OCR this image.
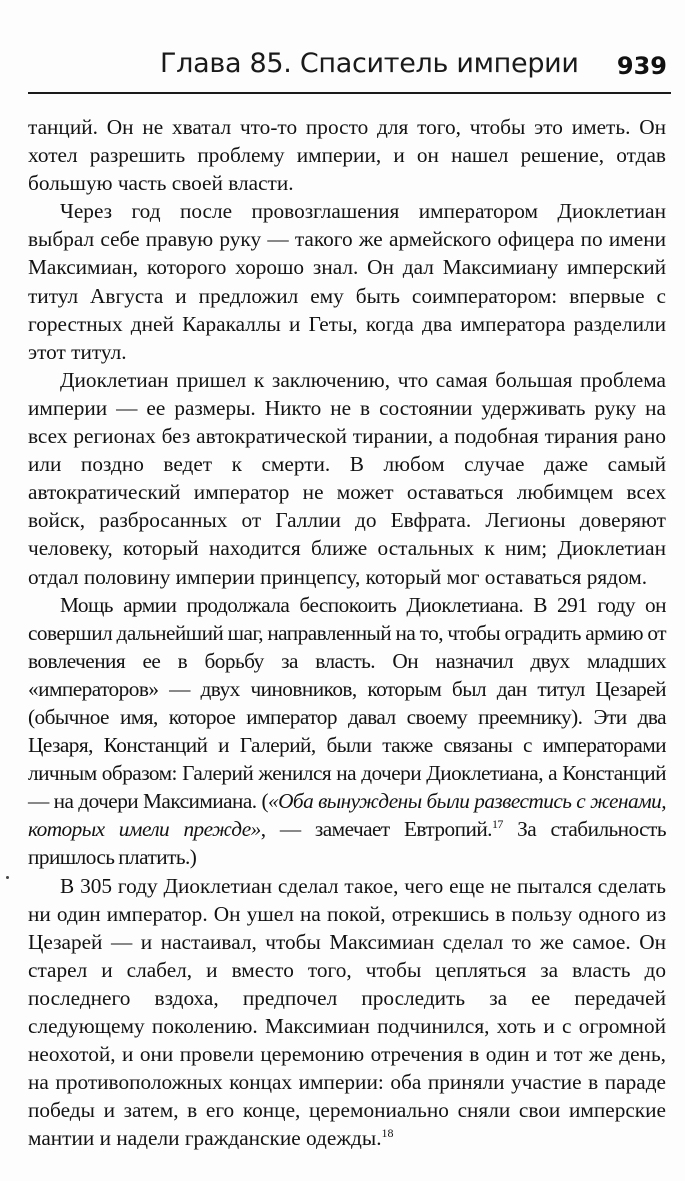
Глава 85. Спаситель империи 939

танций. Он не хватал что-то просто для того, чтобы это иметь. Он хотел разрешить проблему империи, и он нашел решение, отдав большую часть своей власти.

Через год после провозглашения императором Диоклетиан выбрал себе правую руку — такого же армейского офицера по имени Максимиан, которого хорошо знал. Он дал Максимиану имперский титул Августа и предложил ему быть соимператором: впервые с горестных дней Каракаллы и Геты, когда два императора разделили этот титул.

Диоклетиан пришел к заключению, что самая большая проблема империи — ее размеры. Никто не в состоянии удерживать руку на всех регионах без автократической тирании, а подобная тирания рано или поздно ведет к смерти. В любом случае даже самый автократический император не может оставаться любимцем всех войск, разбросанных от Галлии до Евфрата. Легионы доверяют человеку, который находится ближе остальных к ним; Диоклетиан отдал половину империи принцепсу, который мог оставаться рядом.

Мощь армии продолжала беспокоить Диоклетиана. В 291 году он совершил дальнейший шаг, направленный на то, чтобы оградить армию от вовлечения ее в борьбу за власть. Он назначил двух младших «императоров» — двух чиновников, которым был дан титул Цезарей (обычное имя, которое император давал своему преемнику). Эти два Цезаря, Констанций и Галерий, были также связаны с императорами личным образом: Галерий женился на дочери Диоклетиана, а Констанций — на дочери Максимиана. («Оба вынуждены были развестись с женами, которых имели прежде», — замечает Евтропий.$^{17}$ За стабильность пришлось платить.)

В 305 году Диоклетиан сделал такое, чего еще не пытался сделать ни один император. Он ушел на покой, отрекшись в пользу одного из Цезарей — и настаивал, чтобы Максимиан сделал то же самое. Он старел и слабел, и вместо того, чтобы цепляться за власть до последнего вздоха, предпочел проследить за ее передачей следующему поколению. Максимиан подчинился, хоть и с огромной неохотой, и они провели церемонию отречения в один и тот же день, на противоположных концах империи: оба приняли участие в параде победы и затем, в его конце, церемониально сняли свои имперские мантии и надели гражданские одежды.$^{18}$
